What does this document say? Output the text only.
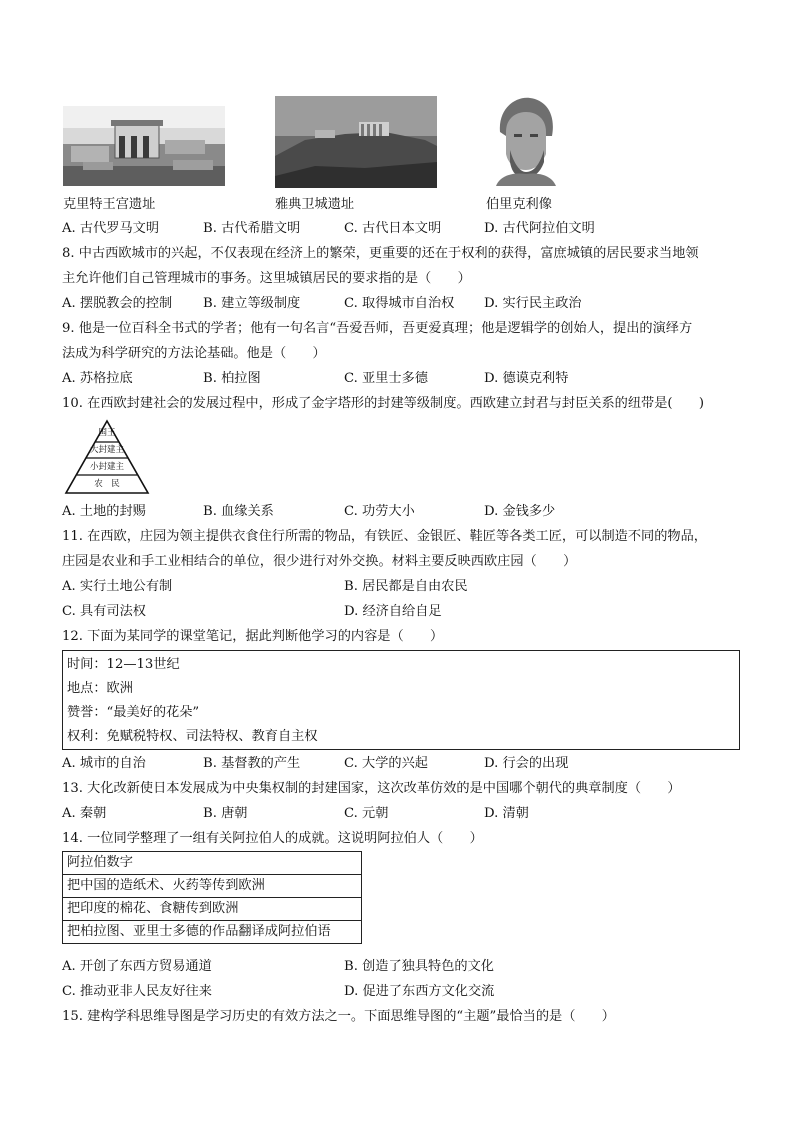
克里特王宫遗址	雅典卫城遗址	伯里克利像
A. 古代罗马文明	B. 古代希腊文明	C. 古代日本文明	D. 古代阿拉伯文明
8. 中古西欧城市的兴起，不仅表现在经济上的繁荣，更重要的还在于权利的获得，富庶城镇的居民要求当地领
主允许他们自己管理城市的事务。这里城镇居民的要求指的是（　　）
A. 摆脱教会的控制 B. 建立等级制度	C. 取得城市自治权 D. 实行民主政治
9. 他是一位百科全书式的学者；他有一句名言“吾爱吾师，吾更爱真理；他是逻辑学的创始人，提出的演绎方
法成为科学研究的方法论基础。他是（　　）
A. 苏格拉底	B. 柏拉图	C. 亚里士多德	D. 德谟克利特
10. 在西欧封建社会的发展过程中，形成了金字塔形的封建等级制度。西欧建立封君与封臣关系的纽带是(　　)
国王
大封建主
小封建主
农　民
A. 土地的封赐	B. 血缘关系	C. 功劳大小	D. 金钱多少
11. 在西欧，庄园为领主提供衣食住行所需的物品，有铁匠、金银匠、鞋匠等各类工匠，可以制造不同的物品，
庄园是农业和手工业相结合的单位，很少进行对外交换。材料主要反映西欧庄园（　　）
A. 实行土地公有制	B. 居民都是自由农民
C. 具有司法权	D. 经济自给自足
12. 下面为某同学的课堂笔记，据此判断他学习的内容是（　　）
时间：12—13世纪
地点：欧洲
赞誉：“最美好的花朵”
权利：免赋税特权、司法特权、教育自主权
A. 城市的自治	B. 基督教的产生	C. 大学的兴起	D. 行会的出现
13. 大化改新使日本发展成为中央集权制的封建国家，这次改革仿效的是中国哪个朝代的典章制度（　　）
A. 秦朝	B. 唐朝	C. 元朝	D. 清朝
14. 一位同学整理了一组有关阿拉伯人的成就。这说明阿拉伯人（　　）
阿拉伯数字
把中国的造纸术、火药等传到欧洲
把印度的棉花、食糖传到欧洲
把柏拉图、亚里士多德的作品翻译成阿拉伯语
A. 开创了东西方贸易通道	B. 创造了独具特色的文化
C. 推动亚非人民友好往来	D. 促进了东西方文化交流
15. 建构学科思维导图是学习历史的有效方法之一。下面思维导图的“主题”最恰当的是（　　）
